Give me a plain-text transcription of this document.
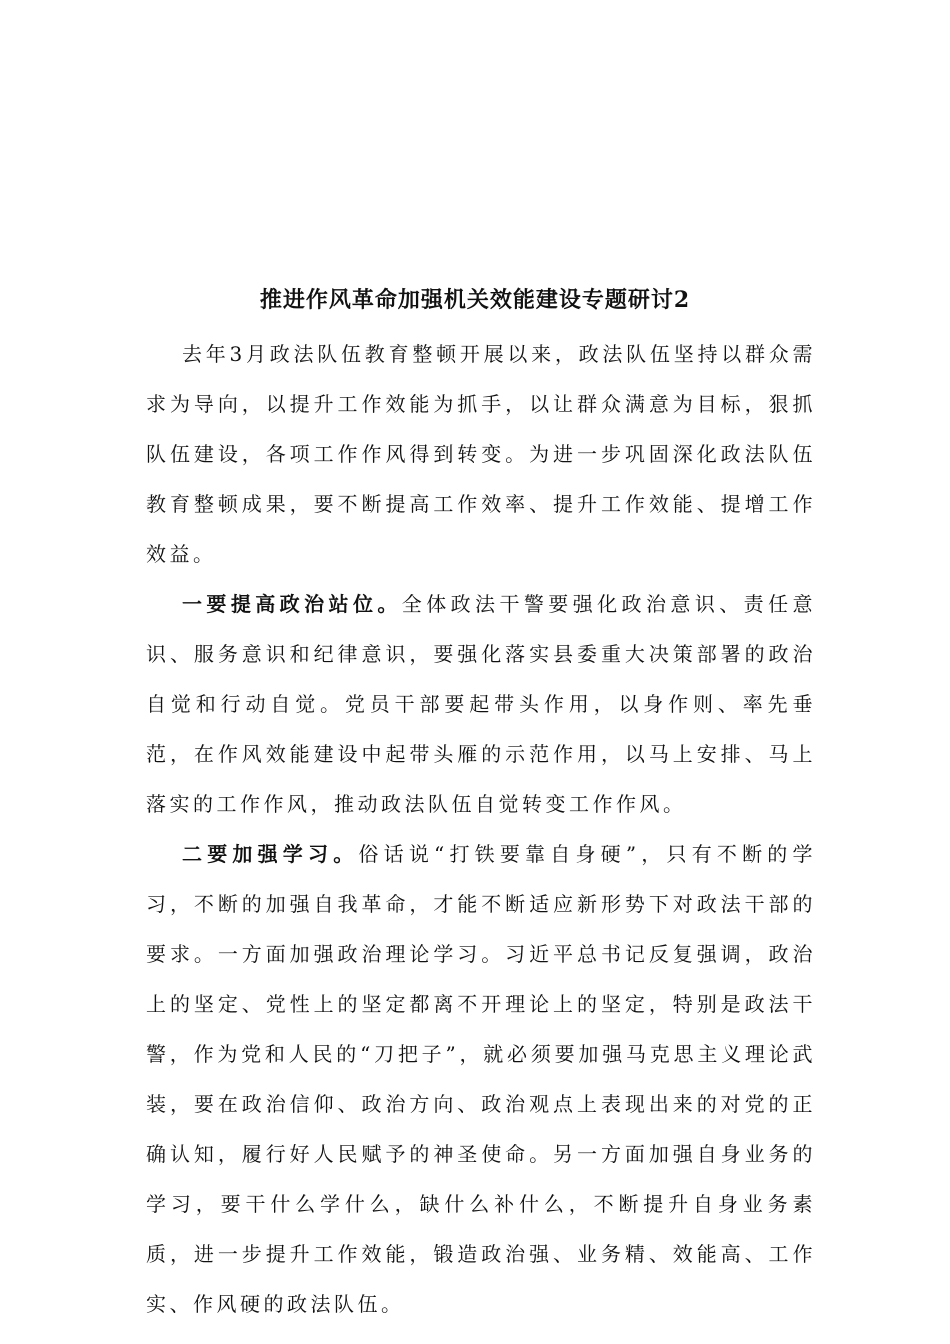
推进作风革命加强机关效能建设专题研讨2

去年3月政法队伍教育整顿开展以来，政法队伍坚持以群众需求为导向，以提升工作效能为抓手，以让群众满意为目标，狠抓队伍建设，各项工作作风得到转变。为进一步巩固深化政法队伍教育整顿成果，要不断提高工作效率、提升工作效能、提增工作效益。

一要提高政治站位。全体政法干警要强化政治意识、责任意识、服务意识和纪律意识，要强化落实县委重大决策部署的政治自觉和行动自觉。党员干部要起带头作用，以身作则、率先垂范，在作风效能建设中起带头雁的示范作用，以马上安排、马上落实的工作作风，推动政法队伍自觉转变工作作风。

二要加强学习。俗话说“打铁要靠自身硬”，只有不断的学习，不断的加强自我革命，才能不断适应新形势下对政法干部的要求。一方面加强政治理论学习。习近平总书记反复强调，政治上的坚定、党性上的坚定都离不开理论上的坚定，特别是政法干警，作为党和人民的“刀把子”，就必须要加强马克思主义理论武装，要在政治信仰、政治方向、政治观点上表现出来的对党的正确认知，履行好人民赋予的神圣使命。另一方面加强自身业务的学习，要干什么学什么，缺什么补什么，不断提升自身业务素质，进一步提升工作效能，锻造政治强、业务精、效能高、工作实、作风硬的政法队伍。
